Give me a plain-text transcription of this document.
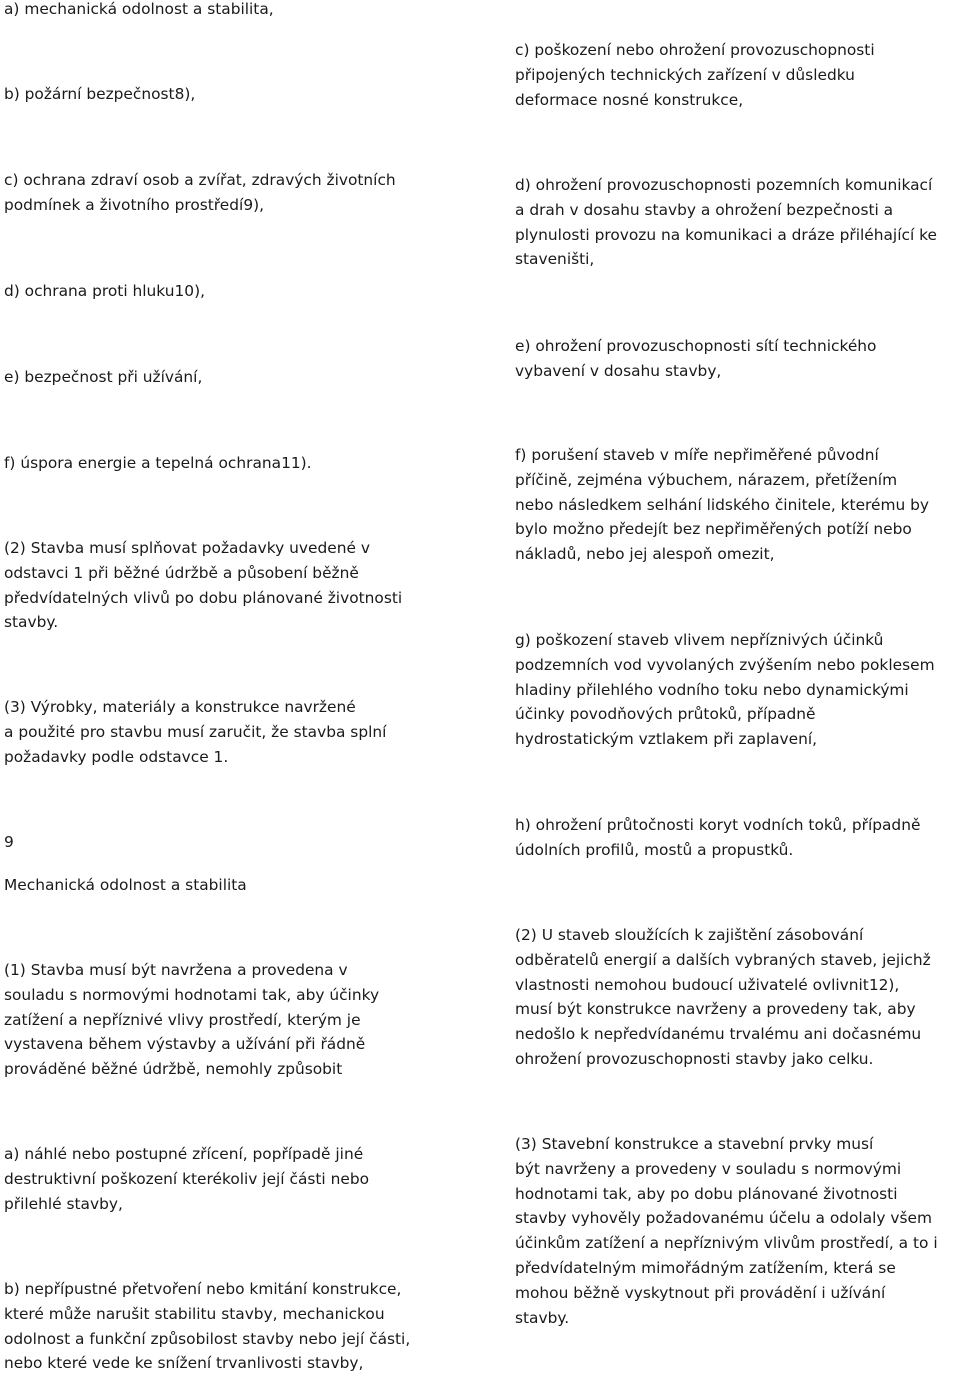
a) mechanická odolnost a stabilita,

b) požární bezpečnost8),

c) ochrana zdraví osob a zvířat, zdravých životních
podmínek a životního prostředí9),

d) ochrana proti hluku10),

e) bezpečnost při užívání,

f) úspora energie a tepelná ochrana11).

(2) Stavba musí splňovat požadavky uvedené v
odstavci 1 při běžné údržbě a působení běžně
předvídatelných vlivů po dobu plánované životnosti
stavby.

(3) Výrobky, materiály a konstrukce navržené
a použité pro stavbu musí zaručit, že stavba splní
požadavky podle odstavce 1.

9

Mechanická odolnost a stabilita

(1) Stavba musí být navržena a provedena v
souladu s normovými hodnotami tak, aby účinky
zatížení a nepříznivé vlivy prostředí, kterým je
vystavena během výstavby a užívání při řádně
prováděné běžné údržbě, nemohly způsobit

a) náhlé nebo postupné zřícení, popřípadě jiné
destruktivní poškození kterékoliv její části nebo
přilehlé stavby,

b) nepřípustné přetvoření nebo kmitání konstrukce,
které může narušit stabilitu stavby, mechanickou
odolnost a funkční způsobilost stavby nebo její části,
nebo které vede ke snížení trvanlivosti stavby,

c) poškození nebo ohrožení provozuschopnosti
připojených technických zařízení v důsledku
deformace nosné konstrukce,

d) ohrožení provozuschopnosti pozemních komunikací
a drah v dosahu stavby a ohrožení bezpečnosti a
plynulosti provozu na komunikaci a dráze přiléhající ke
staveništi,

e) ohrožení provozuschopnosti sítí technického
vybavení v dosahu stavby,

f) porušení staveb v míře nepřiměřené původní
příčině, zejména výbuchem, nárazem, přetížením
nebo následkem selhání lidského činitele, kterému by
bylo možno předejít bez nepřiměřených potíží nebo
nákladů, nebo jej alespoň omezit,

g) poškození staveb vlivem nepříznivých účinků
podzemních vod vyvolaných zvýšením nebo poklesem
hladiny přilehlého vodního toku nebo dynamickými
účinky povodňových průtoků, případně
hydrostatickým vztlakem při zaplavení,

h) ohrožení průtočnosti koryt vodních toků, případně
údolních profilů, mostů a propustků.

(2) U staveb sloužících k zajištění zásobování
odběratelů energií a dalších vybraných staveb, jejichž
vlastnosti nemohou budoucí uživatelé ovlivnit12),
musí být konstrukce navrženy a provedeny tak, aby
nedošlo k nepředvídanému trvalému ani dočasnému
ohrožení provozuschopnosti stavby jako celku.

(3) Stavební konstrukce a stavební prvky musí
být navrženy a provedeny v souladu s normovými
hodnotami tak, aby po dobu plánované životnosti
stavby vyhověly požadovanému účelu a odolaly všem
účinkům zatížení a nepříznivým vlivům prostředí, a to i
předvídatelným mimořádným zatížením, která se
mohou běžně vyskytnout při provádění i užívání
stavby.
